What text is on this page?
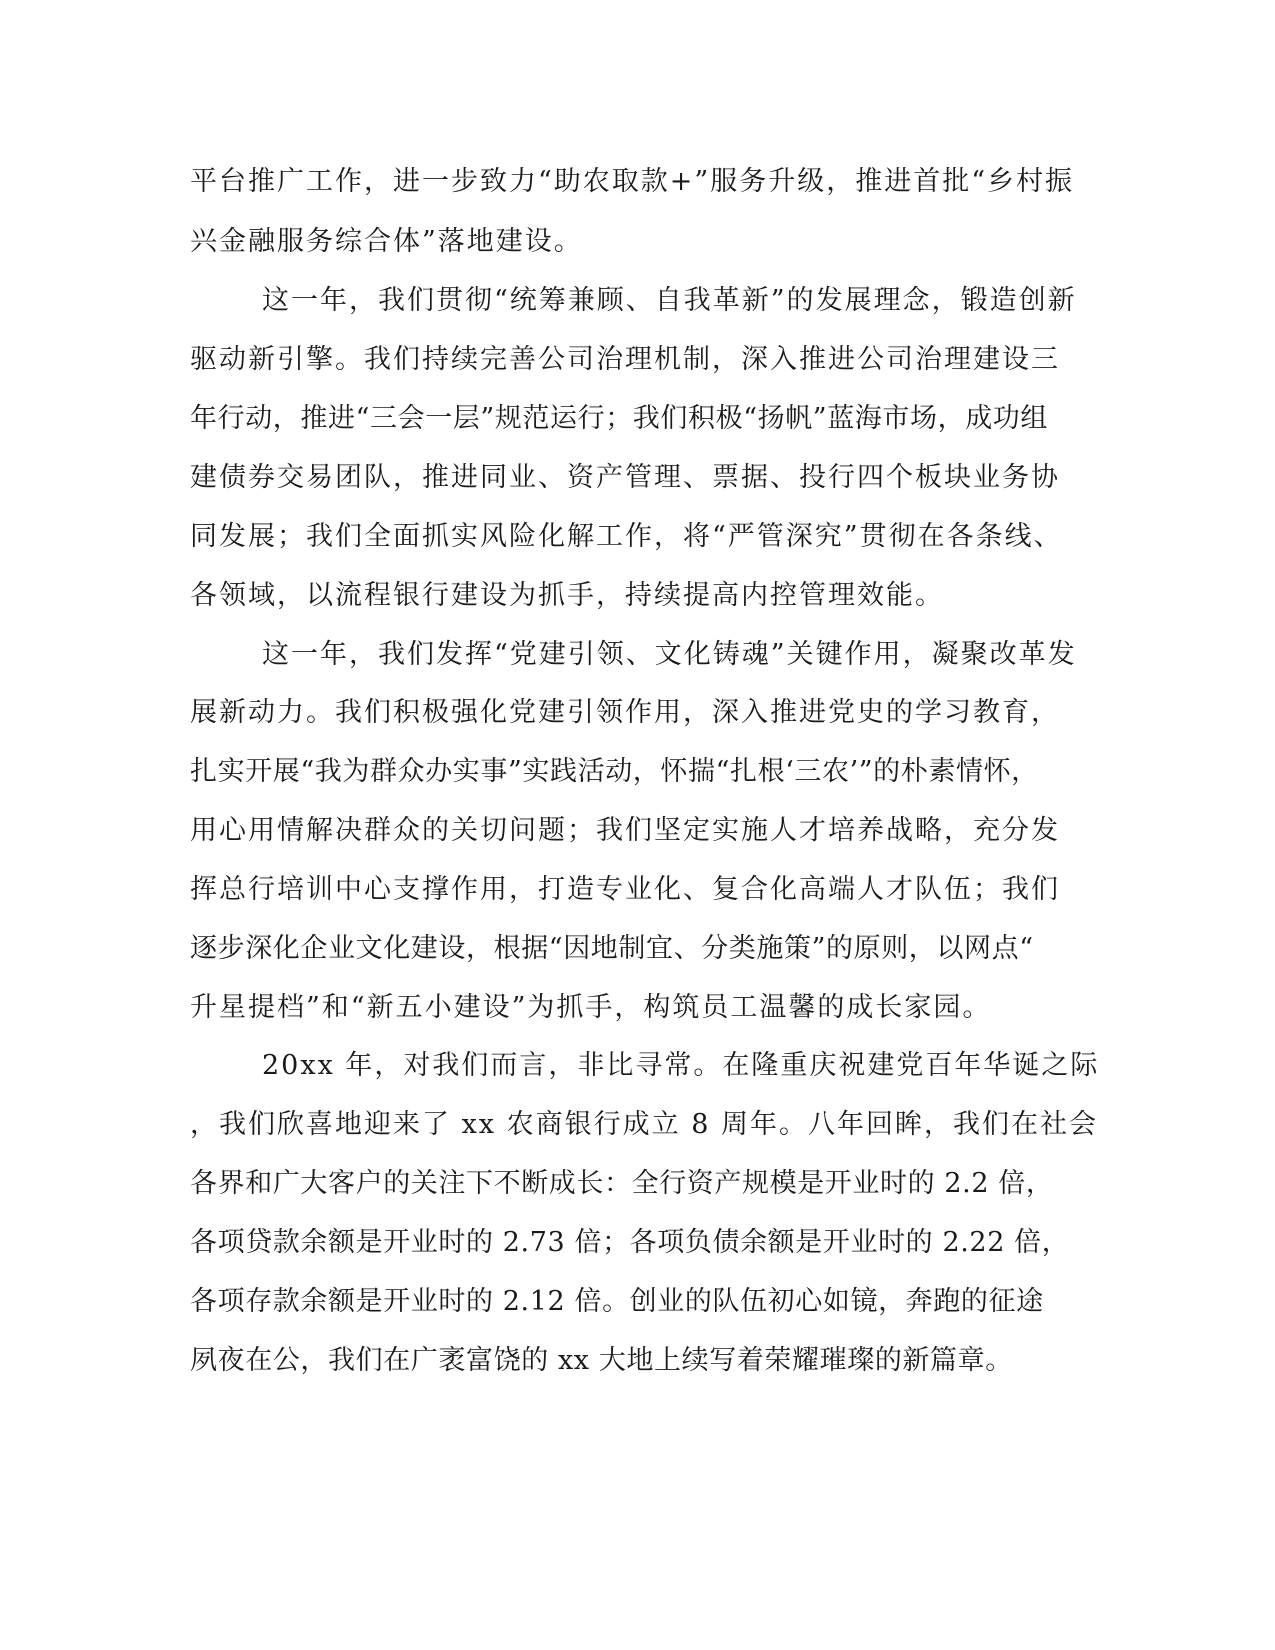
平台推广工作，进一步致力“助农取款+”服务升级，推进首批“乡村振
兴金融服务综合体”落地建设。
这一年，我们贯彻“统筹兼顾、自我革新”的发展理念，锻造创新
驱动新引擎。我们持续完善公司治理机制，深入推进公司治理建设三
年行动，推进“三会一层”规范运行；我们积极“扬帆”蓝海市场，成功组
建债券交易团队，推进同业、资产管理、票据、投行四个板块业务协
同发展；我们全面抓实风险化解工作，将“严管深究”贯彻在各条线、
各领域，以流程银行建设为抓手，持续提高内控管理效能。
这一年，我们发挥“党建引领、文化铸魂”关键作用，凝聚改革发
展新动力。我们积极强化党建引领作用，深入推进党史的学习教育，
扎实开展“我为群众办实事”实践活动，怀揣“扎根‘三农’”的朴素情怀，
用心用情解决群众的关切问题；我们坚定实施人才培养战略，充分发
挥总行培训中心支撑作用，打造专业化、复合化高端人才队伍；我们
逐步深化企业文化建设，根据“因地制宜、分类施策”的原则，以网点“
升星提档”和“新五小建设”为抓手，构筑员工温馨的成长家园。
20xx 年，对我们而言，非比寻常。在隆重庆祝建党百年华诞之际
，我们欣喜地迎来了 xx 农商银行成立 8 周年。八年回眸，我们在社会
各界和广大客户的关注下不断成长：全行资产规模是开业时的 2.2 倍，
各项贷款余额是开业时的 2.73 倍；各项负债余额是开业时的 2.22 倍，
各项存款余额是开业时的 2.12 倍。创业的队伍初心如镜，奔跑的征途
夙夜在公，我们在广袤富饶的 xx 大地上续写着荣耀璀璨的新篇章。
